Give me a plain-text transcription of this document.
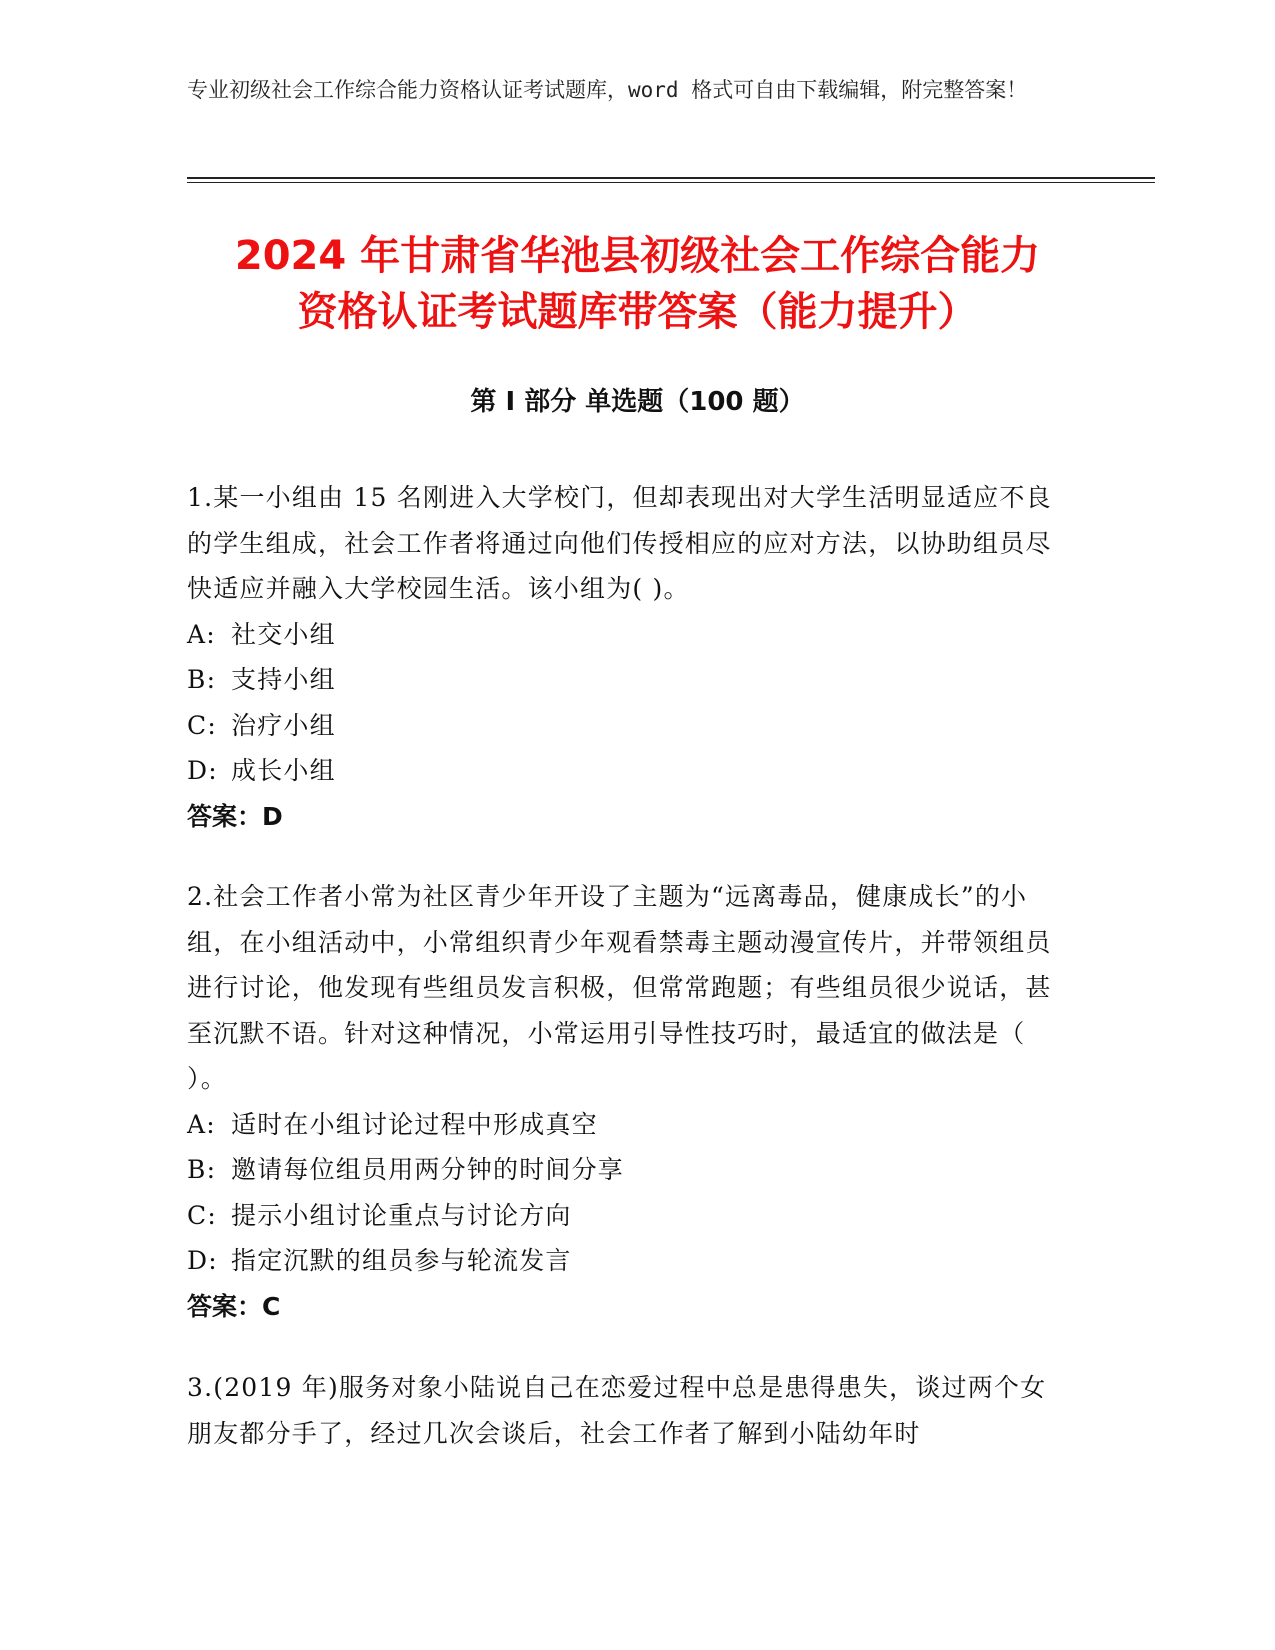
专业初级社会工作综合能力资格认证考试题库，word 格式可自由下载编辑，附完整答案！
2024 年甘肃省华池县初级社会工作综合能力
资格认证考试题库带答案（能力提升）
第 I 部分 单选题（100 题）

1.某一小组由 15 名刚进入大学校门，但却表现出对大学生活明显适应不良的学生组成，社会工作者将通过向他们传授相应的应对方法，以协助组员尽快适应并融入大学校园生活。该小组为( )。

A: 社交小组

B: 支持小组

C: 治疗小组

D: 成长小组

答案：D

2.社会工作者小常为社区青少年开设了主题为“远离毒品，健康成长”的小组，在小组活动中，小常组织青少年观看禁毒主题动漫宣传片，并带领组员进行讨论，他发现有些组员发言积极，但常常跑题；有些组员很少说话，甚至沉默不语。针对这种情况，小常运用引导性技巧时，最适宜的做法是（ ）。

A: 适时在小组讨论过程中形成真空

B: 邀请每位组员用两分钟的时间分享

C: 提示小组讨论重点与讨论方向

D: 指定沉默的组员参与轮流发言

答案：C

3.(2019 年)服务对象小陆说自己在恋爱过程中总是患得患失，谈过两个女朋友都分手了，经过几次会谈后，社会工作者了解到小陆幼年时
